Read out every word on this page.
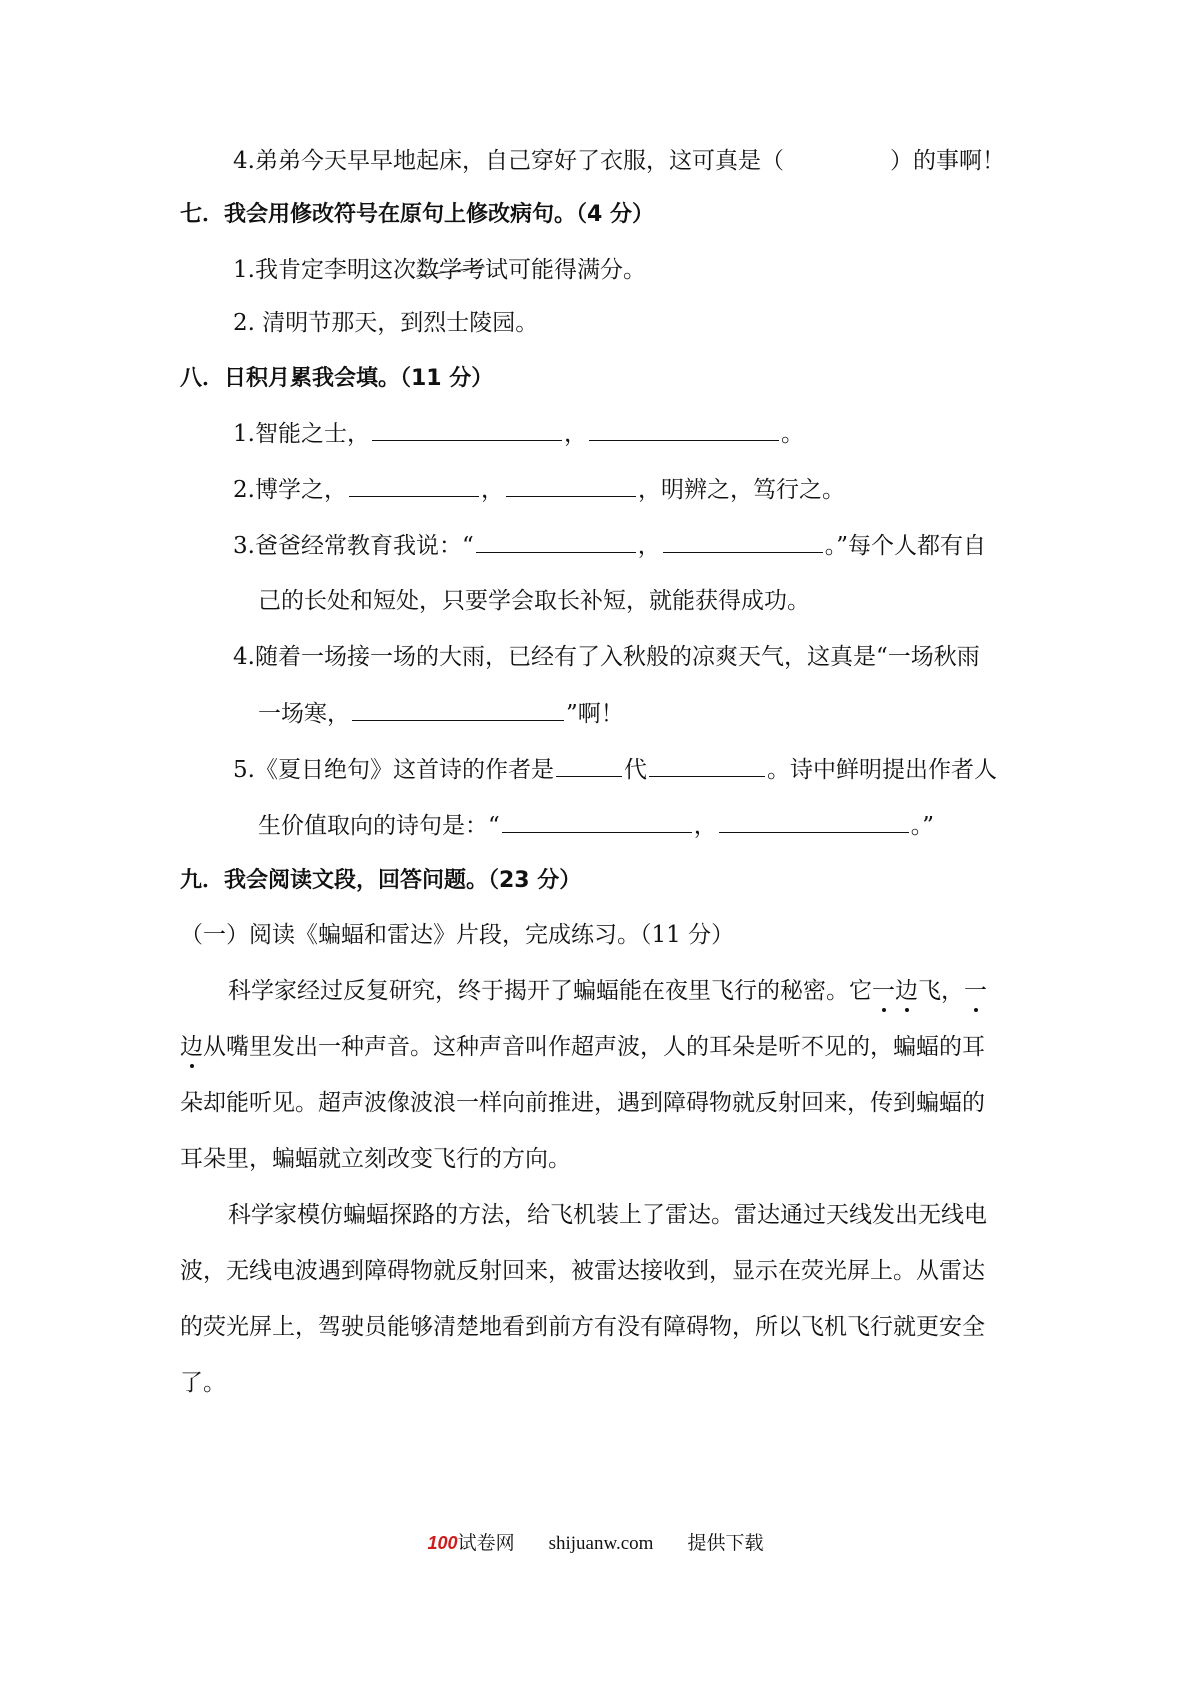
4.弟弟今天早早地起床，自己穿好了衣服，这可真是（	）的事啊！
七．我会用修改符号在原句上修改病句。（4 分）
1.我肯定李明这次数学考试可能得满分。
2. 清明节那天，到烈士陵园。
八．日积月累我会填。（11 分）
1.智能之士，	，	。
2.博学之，	，	，明辨之，笃行之。
3.爸爸经常教育我说：“	，	。”每个人都有自
己的长处和短处，只要学会取长补短，就能获得成功。
4.随着一场接一场的大雨，已经有了入秋般的凉爽天气，这真是“一场秋雨
一场寒，	”啊！
5.《夏日绝句》这首诗的作者是	代	。诗中鲜明提出作者人
生价值取向的诗句是：“	，	。”
九．我会阅读文段，回答问题。（23 分）
（一）阅读《蝙蝠和雷达》片段，完成练习。（11 分）
科学家经过反复研究，终于揭开了蝙蝠能在夜里飞行的秘密。它一边飞，一
边从嘴里发出一种声音。这种声音叫作超声波，人的耳朵是听不见的，蝙蝠的耳
朵却能听见。超声波像波浪一样向前推进，遇到障碍物就反射回来，传到蝙蝠的
耳朵里，蝙蝠就立刻改变飞行的方向。
科学家模仿蝙蝠探路的方法，给飞机装上了雷达。雷达通过天线发出无线电
波，无线电波遇到障碍物就反射回来，被雷达接收到，显示在荧光屏上。从雷达
的荧光屏上，驾驶员能够清楚地看到前方有没有障碍物，所以飞机飞行就更安全
了。
100试卷网 shijuanw.com 提供下载
